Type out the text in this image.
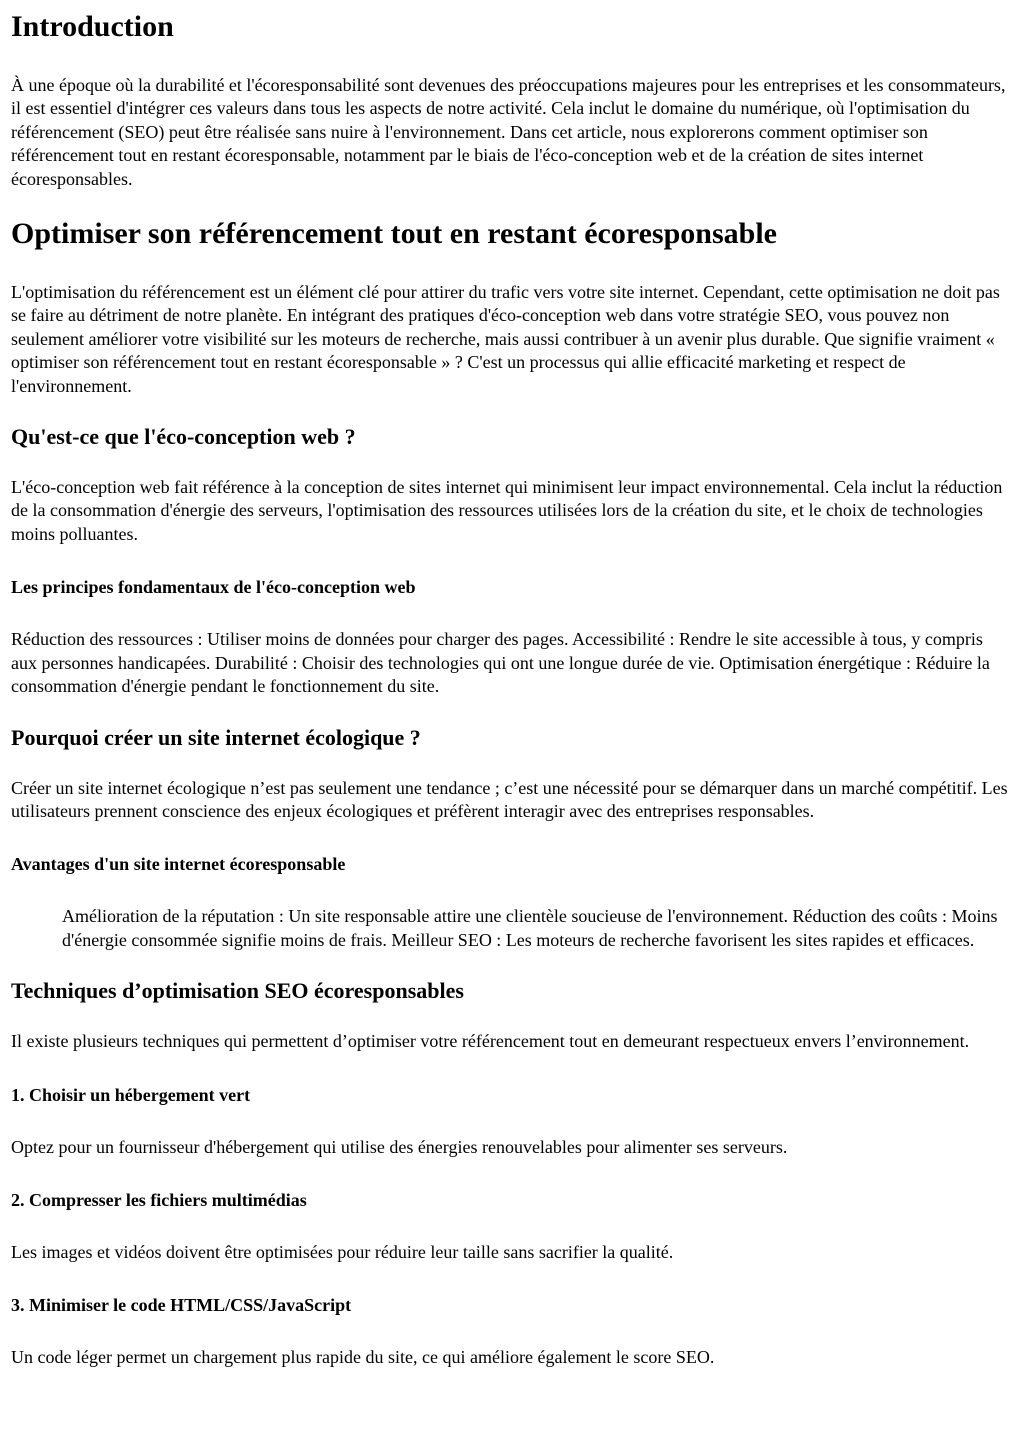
Introduction

À une époque où la durabilité et l'écoresponsabilité sont devenues des préoccupations majeures pour les entreprises et les consommateurs, il est essentiel d'intégrer ces valeurs dans tous les aspects de notre activité. Cela inclut le domaine du numérique, où l'optimisation du référencement (SEO) peut être réalisée sans nuire à l'environnement. Dans cet article, nous explorerons comment optimiser son référencement tout en restant écoresponsable, notamment par le biais de l'éco-conception web et de la création de sites internet écoresponsables.

Optimiser son référencement tout en restant écoresponsable

L'optimisation du référencement est un élément clé pour attirer du trafic vers votre site internet. Cependant, cette optimisation ne doit pas se faire au détriment de notre planète. En intégrant des pratiques d'éco-conception web dans votre stratégie SEO, vous pouvez non seulement améliorer votre visibilité sur les moteurs de recherche, mais aussi contribuer à un avenir plus durable. Que signifie vraiment « optimiser son référencement tout en restant écoresponsable » ? C'est un processus qui allie efficacité marketing et respect de l'environnement.

Qu'est-ce que l'éco-conception web ?

L'éco-conception web fait référence à la conception de sites internet qui minimisent leur impact environnemental. Cela inclut la réduction de la consommation d'énergie des serveurs, l'optimisation des ressources utilisées lors de la création du site, et le choix de technologies moins polluantes.

Les principes fondamentaux de l'éco-conception web

Réduction des ressources : Utiliser moins de données pour charger des pages. Accessibilité : Rendre le site accessible à tous, y compris aux personnes handicapées. Durabilité : Choisir des technologies qui ont une longue durée de vie. Optimisation énergétique : Réduire la consommation d'énergie pendant le fonctionnement du site.

Pourquoi créer un site internet écologique ?

Créer un site internet écologique n’est pas seulement une tendance ; c’est une nécessité pour se démarquer dans un marché compétitif. Les utilisateurs prennent conscience des enjeux écologiques et préfèrent interagir avec des entreprises responsables.

Avantages d'un site internet écoresponsable

Amélioration de la réputation : Un site responsable attire une clientèle soucieuse de l'environnement. Réduction des coûts : Moins d'énergie consommée signifie moins de frais. Meilleur SEO : Les moteurs de recherche favorisent les sites rapides et efficaces.

Techniques d’optimisation SEO écoresponsables

Il existe plusieurs techniques qui permettent d’optimiser votre référencement tout en demeurant respectueux envers l’environnement.

1. Choisir un hébergement vert

Optez pour un fournisseur d'hébergement qui utilise des énergies renouvelables pour alimenter ses serveurs.

2. Compresser les fichiers multimédias

Les images et vidéos doivent être optimisées pour réduire leur taille sans sacrifier la qualité.

3. Minimiser le code HTML/CSS/JavaScript

Un code léger permet un chargement plus rapide du site, ce qui améliore également le score SEO.
